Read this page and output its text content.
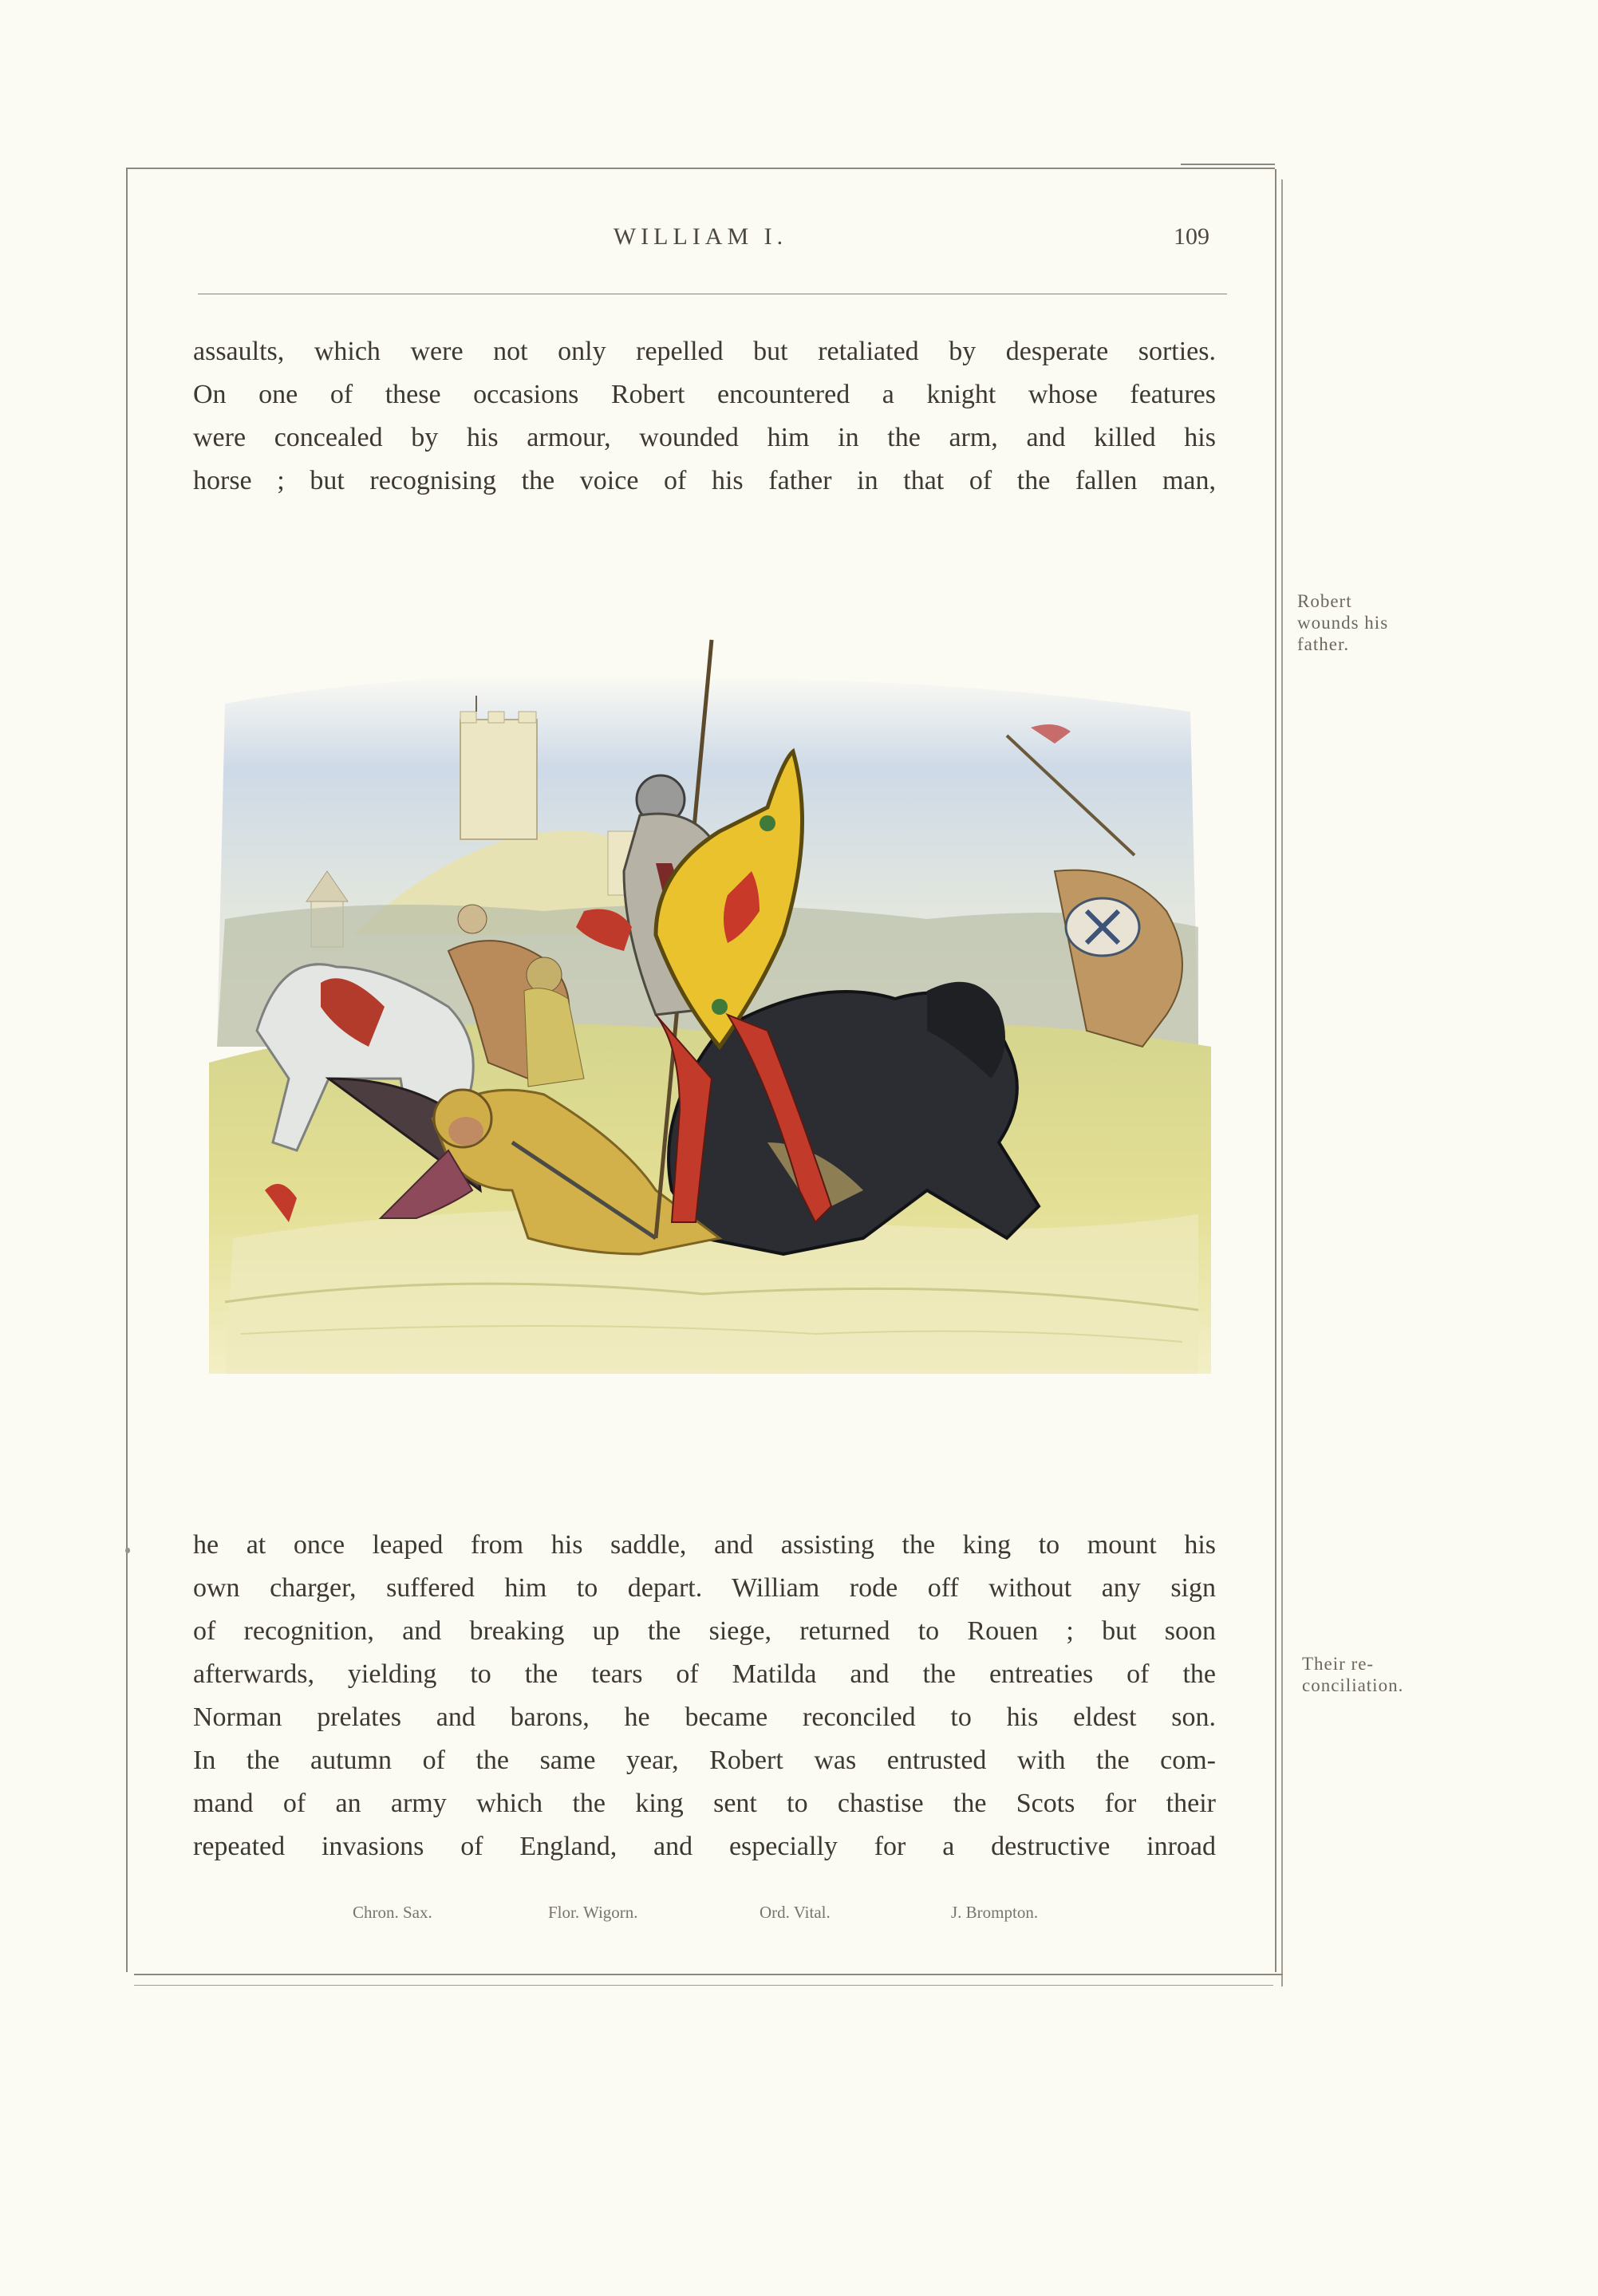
WILLIAM I.	109
assaults, which were not only repelled but retaliated by desperate sorties.
On one of these occasions Robert encountered a knight whose features
were concealed by his armour, wounded him in the arm, and killed his
horse ; but recognising the voice of his father in that of the fallen man,
Robert
wounds his
father.
he at once leaped from his saddle, and assisting the king to mount his
own charger, suffered him to depart. William rode off without any sign
of recognition, and breaking up the siege, returned to Rouen ; but soon
afterwards, yielding to the tears of Matilda and the entreaties of the
Norman prelates and barons, he became reconciled to his eldest son.
In the autumn of the same year, Robert was entrusted with the com-
mand of an army which the king sent to chastise the Scots for their
repeated invasions of England, and especially for a destructive inroad
Their re-
conciliation.
Chron. Sax.	Flor. Wigorn.	Ord. Vital.	J. Brompton.
